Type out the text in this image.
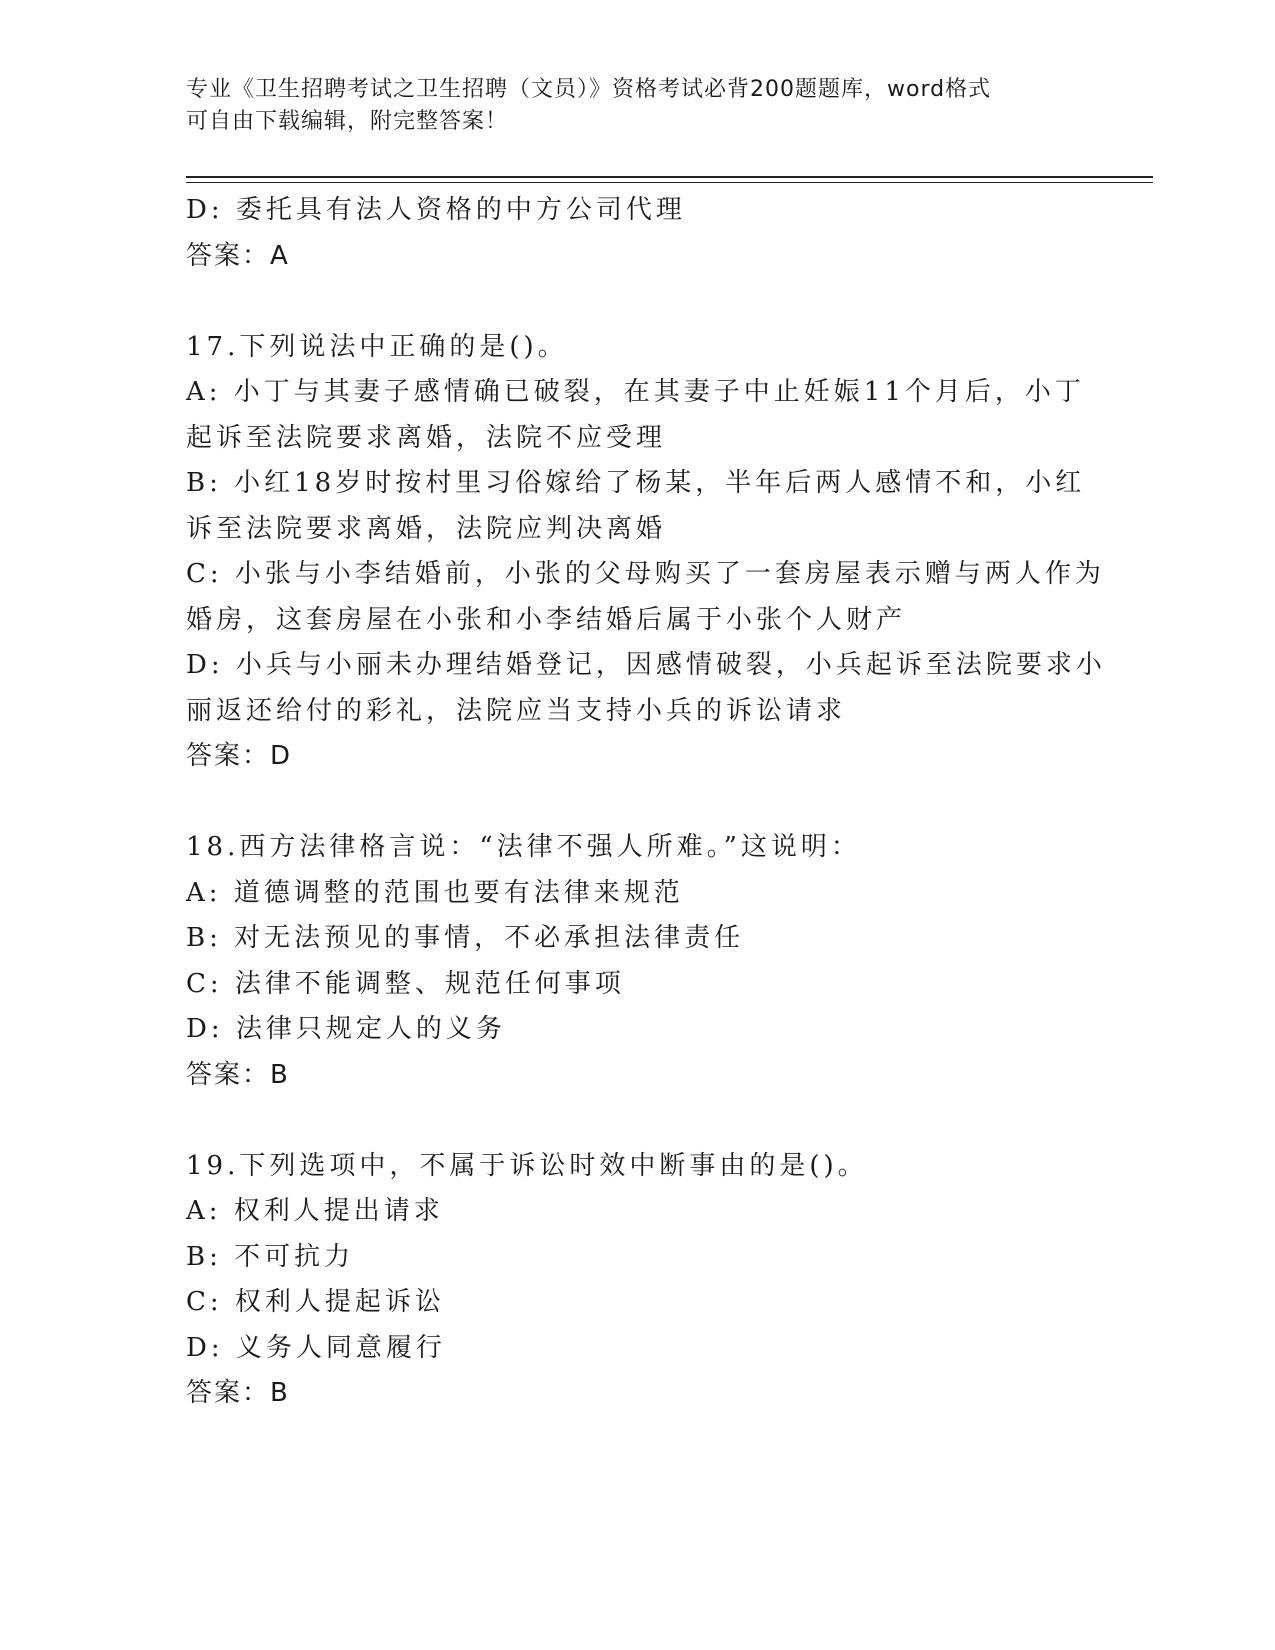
专业《卫生招聘考试之卫生招聘（文员）》资格考试必背200题题库，word格式
可自由下载编辑，附完整答案！
D: 委托具有法人资格的中方公司代理
答案：A
17.下列说法中正确的是()。
A: 小丁与其妻子感情确已破裂，在其妻子中止妊娠11个月后，小丁
起诉至法院要求离婚，法院不应受理
B: 小红18岁时按村里习俗嫁给了杨某，半年后两人感情不和，小红
诉至法院要求离婚，法院应判决离婚
C: 小张与小李结婚前，小张的父母购买了一套房屋表示赠与两人作为
婚房，这套房屋在小张和小李结婚后属于小张个人财产
D: 小兵与小丽未办理结婚登记，因感情破裂，小兵起诉至法院要求小
丽返还给付的彩礼，法院应当支持小兵的诉讼请求
答案：D
18.西方法律格言说：“法律不强人所难。”这说明：
A: 道德调整的范围也要有法律来规范
B: 对无法预见的事情，不必承担法律责任
C: 法律不能调整、规范任何事项
D: 法律只规定人的义务
答案：B
19.下列选项中，不属于诉讼时效中断事由的是()。
A: 权利人提出请求
B: 不可抗力
C: 权利人提起诉讼
D: 义务人同意履行
答案：B
